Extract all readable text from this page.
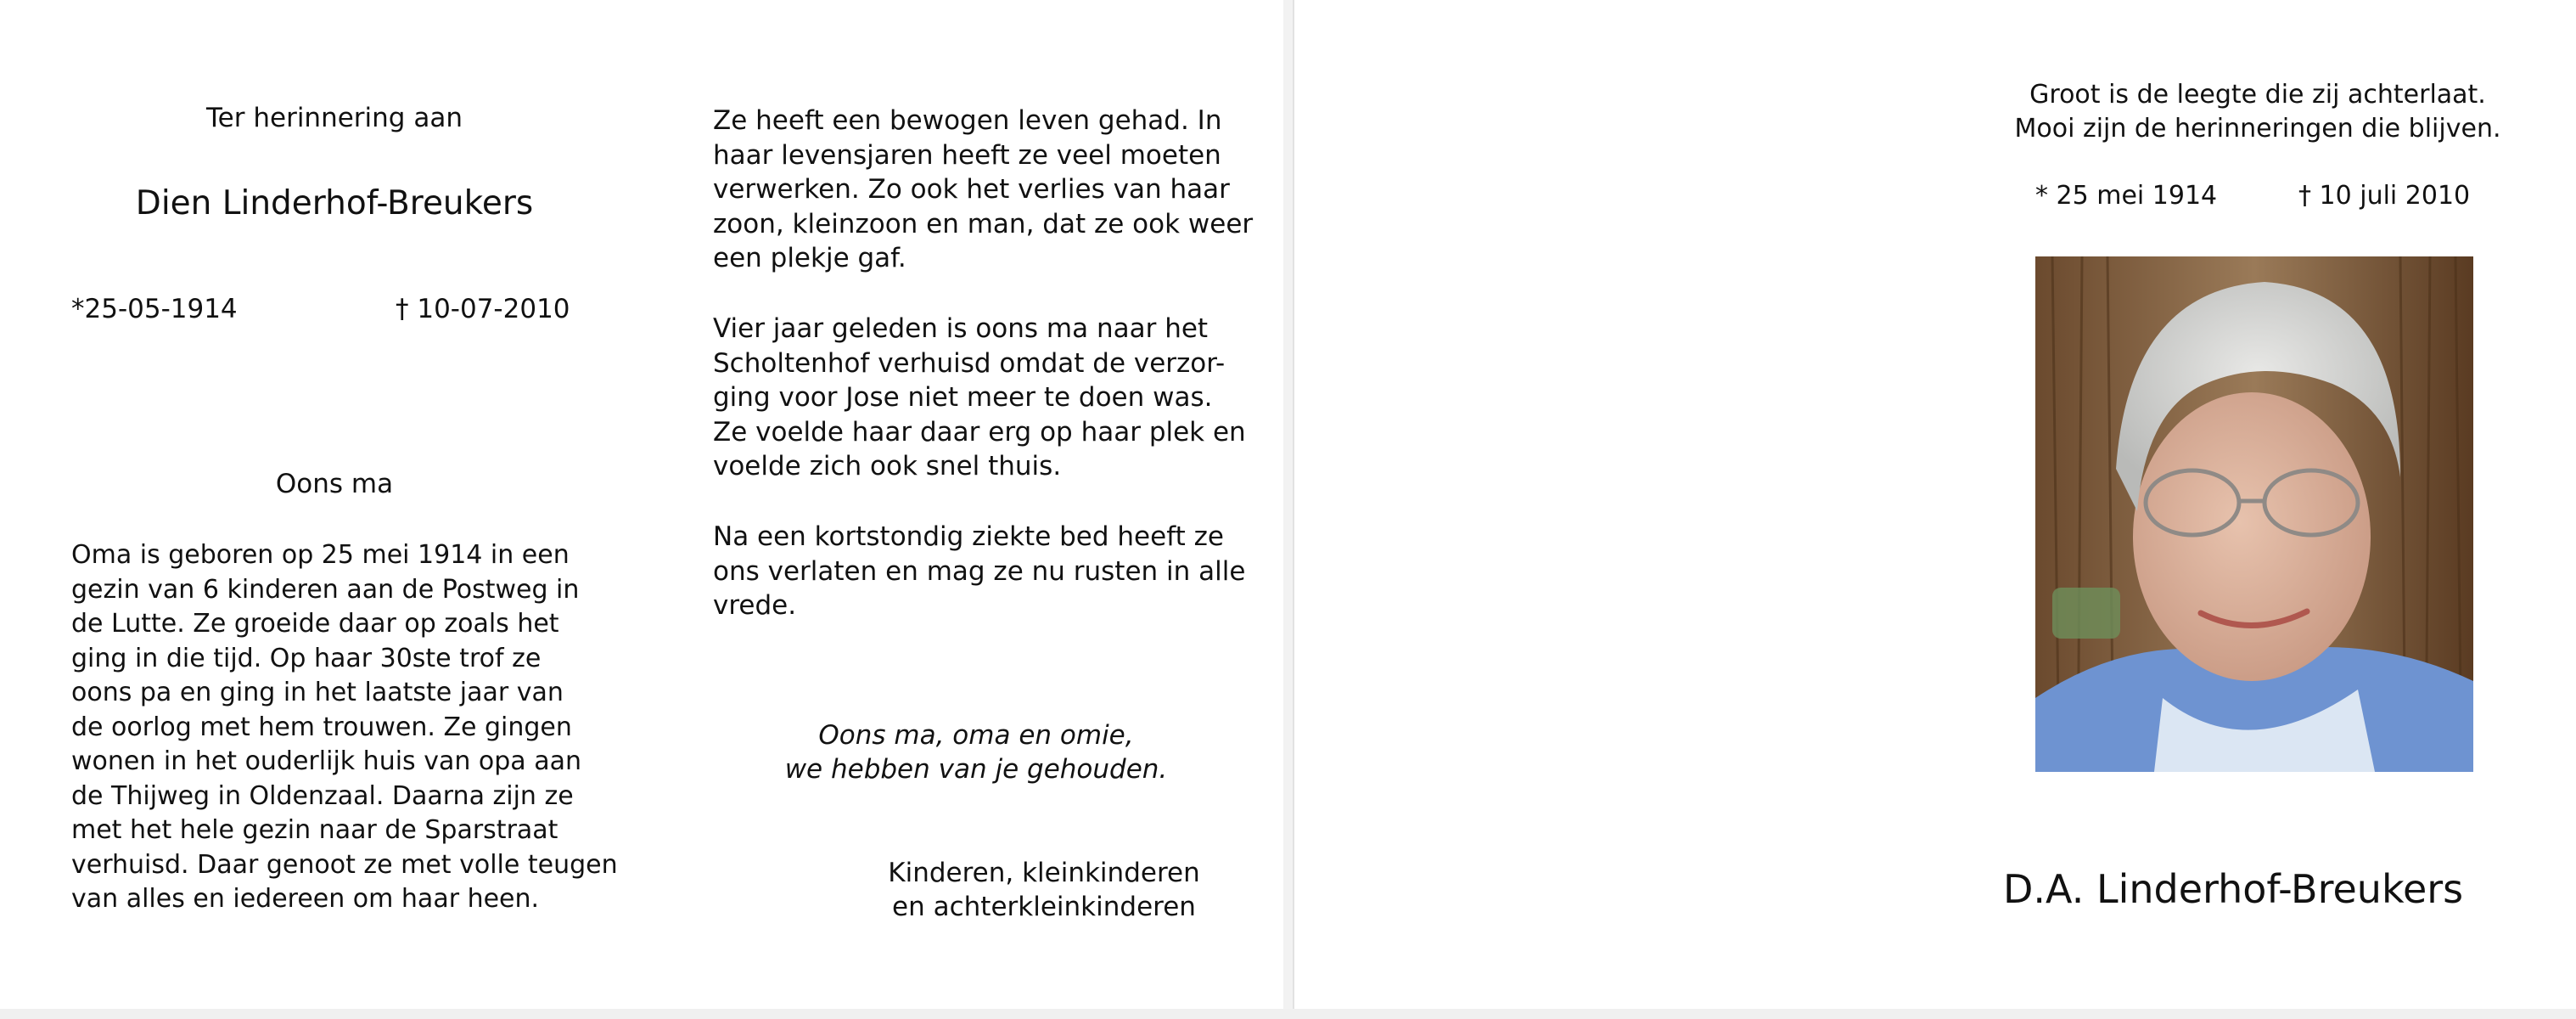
Ter herinnering aan
Dien Linderhof-Breukers
*25-05-1914	† 10-07-2010
Oons ma
Oma is geboren op 25 mei 1914 in een
gezin van 6 kinderen aan de Postweg in
de Lutte. Ze groeide daar op zoals het
ging in die tijd. Op haar 30ste trof ze
oons pa en ging in het laatste jaar van
de oorlog met hem trouwen. Ze gingen
wonen in het ouderlijk huis van opa aan
de Thijweg in Oldenzaal. Daarna zijn ze
met het hele gezin naar de Sparstraat
verhuisd. Daar genoot ze met volle teugen
van alles en iedereen om haar heen.
Ze heeft een bewogen leven gehad. In
haar levensjaren heeft ze veel moeten
verwerken. Zo ook het verlies van haar
zoon, kleinzoon en man, dat ze ook weer
een plekje gaf.
Vier jaar geleden is oons ma naar het
Scholtenhof verhuisd omdat de verzor-
ging voor Jose niet meer te doen was.
Ze voelde haar daar erg op haar plek en
voelde zich ook snel thuis.
Na een kortstondig ziekte bed heeft ze
ons verlaten en mag ze nu rusten in alle
vrede.
Oons ma, oma en omie,
we hebben van je gehouden.
Kinderen, kleinkinderen
en achterkleinkinderen
Groot is de leegte die zij achterlaat.
Mooi zijn de herinneringen die blijven.
* 25 mei 1914	† 10 juli 2010
D.A. Linderhof-Breukers
